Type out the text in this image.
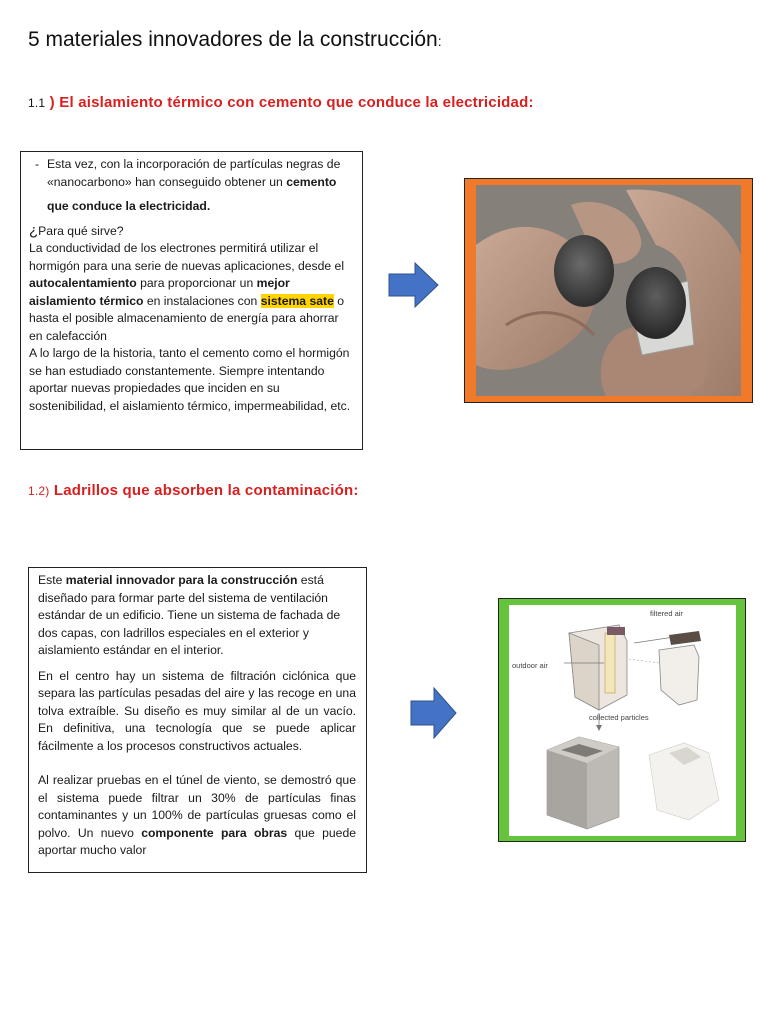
5 materiales innovadores de la construcción:
1.1 ) El aislamiento térmico con cemento que conduce la electricidad:
- Esta vez, con la incorporación de partículas negras de «nanocarbono» han conseguido obtener un cemento
que conduce la electricidad.
¿Para qué sirve?

La conductividad de los electrones permitirá utilizar el hormigón para una serie de nuevas aplicaciones, desde el autocalentamiento para proporcionar un mejor aislamiento térmico en instalaciones con sistema sate o hasta el posible almacenamiento de energía para ahorrar en calefacción

A lo largo de la historia, tanto el cemento como el hormigón se han estudiado constantemente. Siempre intentando aportar nuevas propiedades que inciden en su sostenibilidad, el aislamiento térmico, impermeabilidad, etc.

1.2) Ladrillos que absorben la contaminación:

Este material innovador para la construcción está diseñado para formar parte del sistema de ventilación estándar de un edificio. Tiene un sistema de fachada de dos capas, con ladrillos especiales en el exterior y aislamiento estándar en el interior.

En el centro hay un sistema de filtración ciclónica que separa las partículas pesadas del aire y las recoge en una tolva extraíble. Su diseño es muy similar al de un vacío. En definitiva, una tecnología que se puede aplicar fácilmente a los procesos constructivos actuales.

Al realizar pruebas en el túnel de viento, se demostró que el sistema puede filtrar un 30% de partículas finas contaminantes y un 100% de partículas gruesas como el polvo. Un nuevo componente para obras que puede aportar mucho valor

filtered air
outdoor air
collected particles
